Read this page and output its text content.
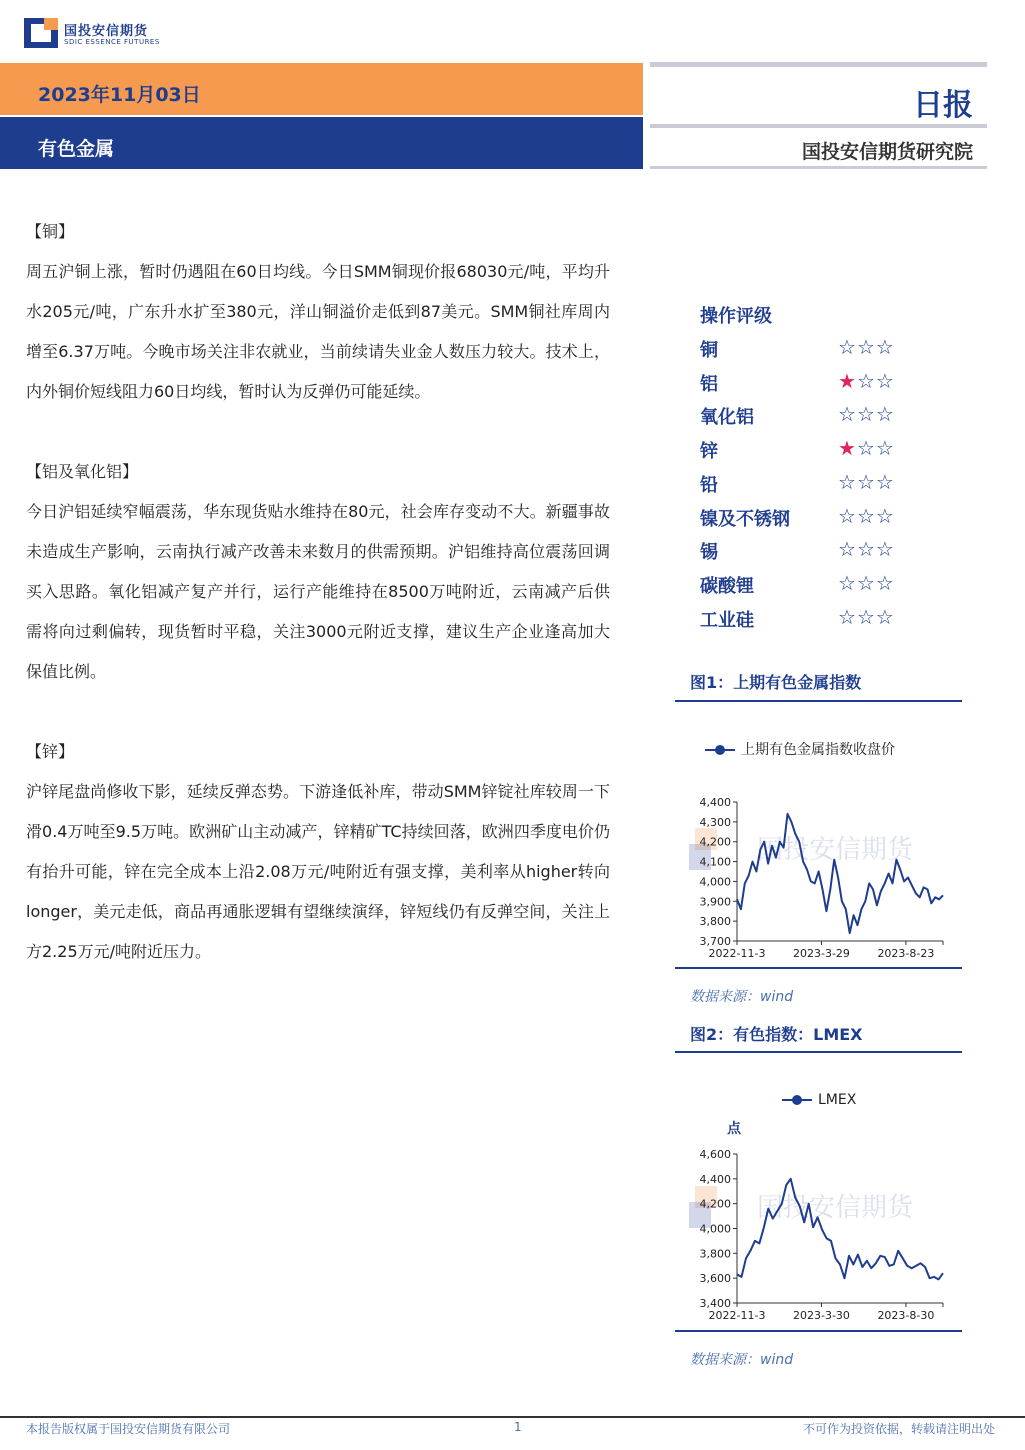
国投安信期货
SDIC ESSENCE FUTURES
2023年11月03日
有色金属
日报
国投安信期货研究院
【铜】

周五沪铜上涨，暂时仍遇阻在60日均线。今日SMM铜现价报68030元/吨，平均升水205元/吨，广东升水扩至380元，洋山铜溢价走低到87美元。SMM铜社库周内增至6.37万吨。今晚市场关注非农就业，当前续请失业金人数压力较大。技术上，内外铜价短线阻力60日均线，暂时认为反弹仍可能延续。

【铝及氧化铝】

今日沪铝延续窄幅震荡，华东现货贴水维持在80元，社会库存变动不大。新疆事故未造成生产影响，云南执行减产改善未来数月的供需预期。沪铝维持高位震荡回调买入思路。氧化铝减产复产并行，运行产能维持在8500万吨附近，云南减产后供需将向过剩偏转，现货暂时平稳，关注3000元附近支撑，建议生产企业逢高加大保值比例。

【锌】

沪锌尾盘尚修收下影，延续反弹态势。下游逢低补库，带动SMM锌锭社库较周一下滑0.4万吨至9.5万吨。欧洲矿山主动减产，锌精矿TC持续回落，欧洲四季度电价仍有抬升可能，锌在完全成本上沿2.08万元/吨附近有强支撑，美利率从higher转向longer，美元走低，商品再通胀逻辑有望继续演绎，锌短线仍有反弹空间，关注上方2.25万元/吨附近压力。

操作评级
铜	☆☆☆
铝	★☆☆
氧化铝	☆☆☆
锌	★☆☆
铅	☆☆☆
镍及不锈钢 ☆☆☆
锡	☆☆☆
碳酸锂	☆☆☆
工业硅	☆☆☆
图1：上期有色金属指数
上期有色金属指数收盘价
国投安信期货
3,700
3,800
3,900
4,000
4,100
4,200
4,300
4,400
2022-11-3	2023-3-29	2023-8-23
数据来源：wind
图2：有色指数：LMEX
LMEX
点
国投安信期货
3,400
3,600
3,800
4,000
4,200
4,400
4,600
2022-11-3	2023-3-30	2023-8-30
数据来源：wind
本报告版权属于国投安信期货有限公司	1	不可作为投资依据，转载请注明出处
